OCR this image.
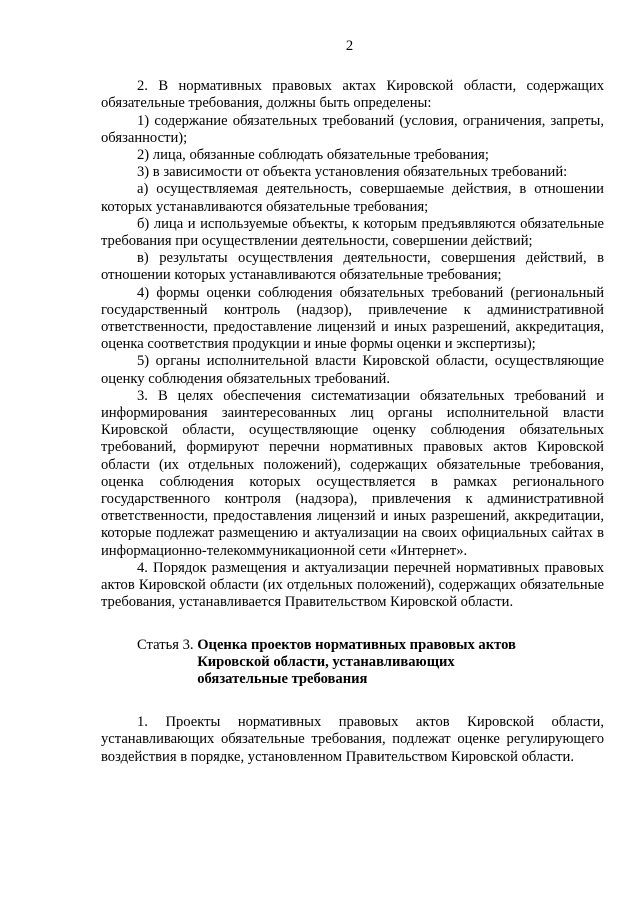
2

2. В нормативных правовых актах Кировской области, содержащих обязательные требования, должны быть определены:

1) содержание обязательных требований (условия, ограничения, запреты, обязанности);

2) лица, обязанные соблюдать обязательные требования;

3) в зависимости от объекта установления обязательных требований:

а) осуществляемая деятельность, совершаемые действия, в отношении которых устанавливаются обязательные требования;

б) лица и используемые объекты, к которым предъявляются обязательные требования при осуществлении деятельности, совершении действий;

в) результаты осуществления деятельности, совершения действий, в отношении которых устанавливаются обязательные требования;

4) формы оценки соблюдения обязательных требований (региональный государственный контроль (надзор), привлечение к административной ответственности, предоставление лицензий и иных разрешений, аккредитация, оценка соответствия продукции и иные формы оценки и экспертизы);

5) органы исполнительной власти Кировской области, осуществляющие оценку соблюдения обязательных требований.

3. В целях обеспечения систематизации обязательных требований и информирования заинтересованных лиц органы исполнительной власти Кировской области, осуществляющие оценку соблюдения обязательных требований, формируют перечни нормативных правовых актов Кировской области (их отдельных положений), содержащих обязательные требования, оценка соблюдения которых осуществляется в рамках регионального государственного контроля (надзора), привлечения к административной ответственности, предоставления лицензий и иных разрешений, аккредитации, которые подлежат размещению и актуализации на своих официальных сайтах в информационно-телекоммуникационной сети «Интернет».

4. Порядок размещения и актуализации перечней нормативных правовых актов Кировской области (их отдельных положений), содержащих обязательные требования, устанавливается Правительством Кировской области.

Статья 3. Оценка проектов нормативных правовых актов Кировской области, устанавливающих обязательные требования

1. Проекты нормативных правовых актов Кировской области, устанавливающих обязательные требования, подлежат оценке регулирующего воздействия в порядке, установленном Правительством Кировской области.
